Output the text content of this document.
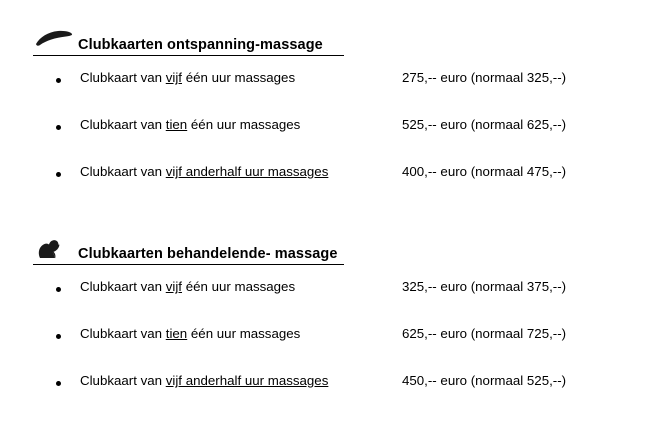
Clubkaarten ontspanning-massage
Clubkaart van vijf één uur massages	275,-- euro (normaal 325,--)
Clubkaart van tien één uur massages	525,-- euro (normaal 625,--)
Clubkaart van vijf anderhalf uur massages	400,-- euro (normaal 475,--)
Clubkaarten behandelende- massage
Clubkaart van vijf één uur massages	325,-- euro (normaal 375,--)
Clubkaart van tien één uur massages	625,-- euro (normaal 725,--)
Clubkaart van vijf anderhalf uur massages	450,-- euro (normaal 525,--)
